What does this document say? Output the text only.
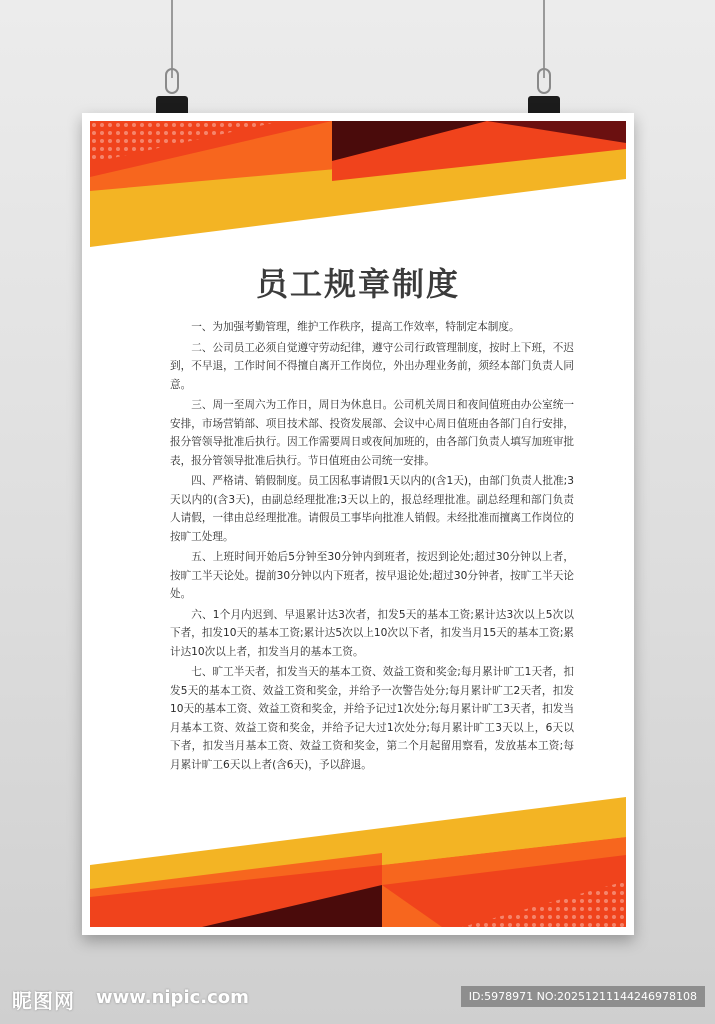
员工规章制度

一、为加强考勤管理，维护工作秩序，提高工作效率，特制定本制度。

二、公司员工必须自觉遵守劳动纪律，遵守公司行政管理制度，按时上下班，不迟到，不早退，工作时间不得擅自离开工作岗位，外出办理业务前，须经本部门负责人同意。

三、周一至周六为工作日，周日为休息日。公司机关周日和夜间值班由办公室统一安排，市场营销部、项目技术部、投资发展部、会议中心周日值班由各部门自行安排，报分管领导批准后执行。因工作需要周日或夜间加班的，由各部门负责人填写加班审批表，报分管领导批准后执行。节日值班由公司统一安排。

四、严格请、销假制度。员工因私事请假1天以内的(含1天)，由部门负责人批准;3天以内的(含3天)，由副总经理批准;3天以上的，报总经理批准。副总经理和部门负责人请假，一律由总经理批准。请假员工事毕向批准人销假。未经批准而擅离工作岗位的按旷工处理。

五、上班时间开始后5分钟至30分钟内到班者，按迟到论处;超过30分钟以上者，按旷工半天论处。提前30分钟以内下班者，按早退论处;超过30分钟者，按旷工半天论处。

六、1个月内迟到、早退累计达3次者，扣发5天的基本工资;累计达3次以上5次以下者，扣发10天的基本工资;累计达5次以上10次以下者，扣发当月15天的基本工资;累计达10次以上者，扣发当月的基本工资。

七、旷工半天者，扣发当天的基本工资、效益工资和奖金;每月累计旷工1天者，扣发5天的基本工资、效益工资和奖金，并给予一次警告处分;每月累计旷工2天者，扣发10天的基本工资、效益工资和奖金，并给予记过1次处分;每月累计旷工3天者，扣发当月基本工资、效益工资和奖金，并给予记大过1次处分;每月累计旷工3天以上，6天以下者，扣发当月基本工资、效益工资和奖金，第二个月起留用察看，发放基本工资;每月累计旷工6天以上者(含6天)，予以辞退。

昵图网 www.nipic.com	ID:5978971 NO:20251211144246978108
